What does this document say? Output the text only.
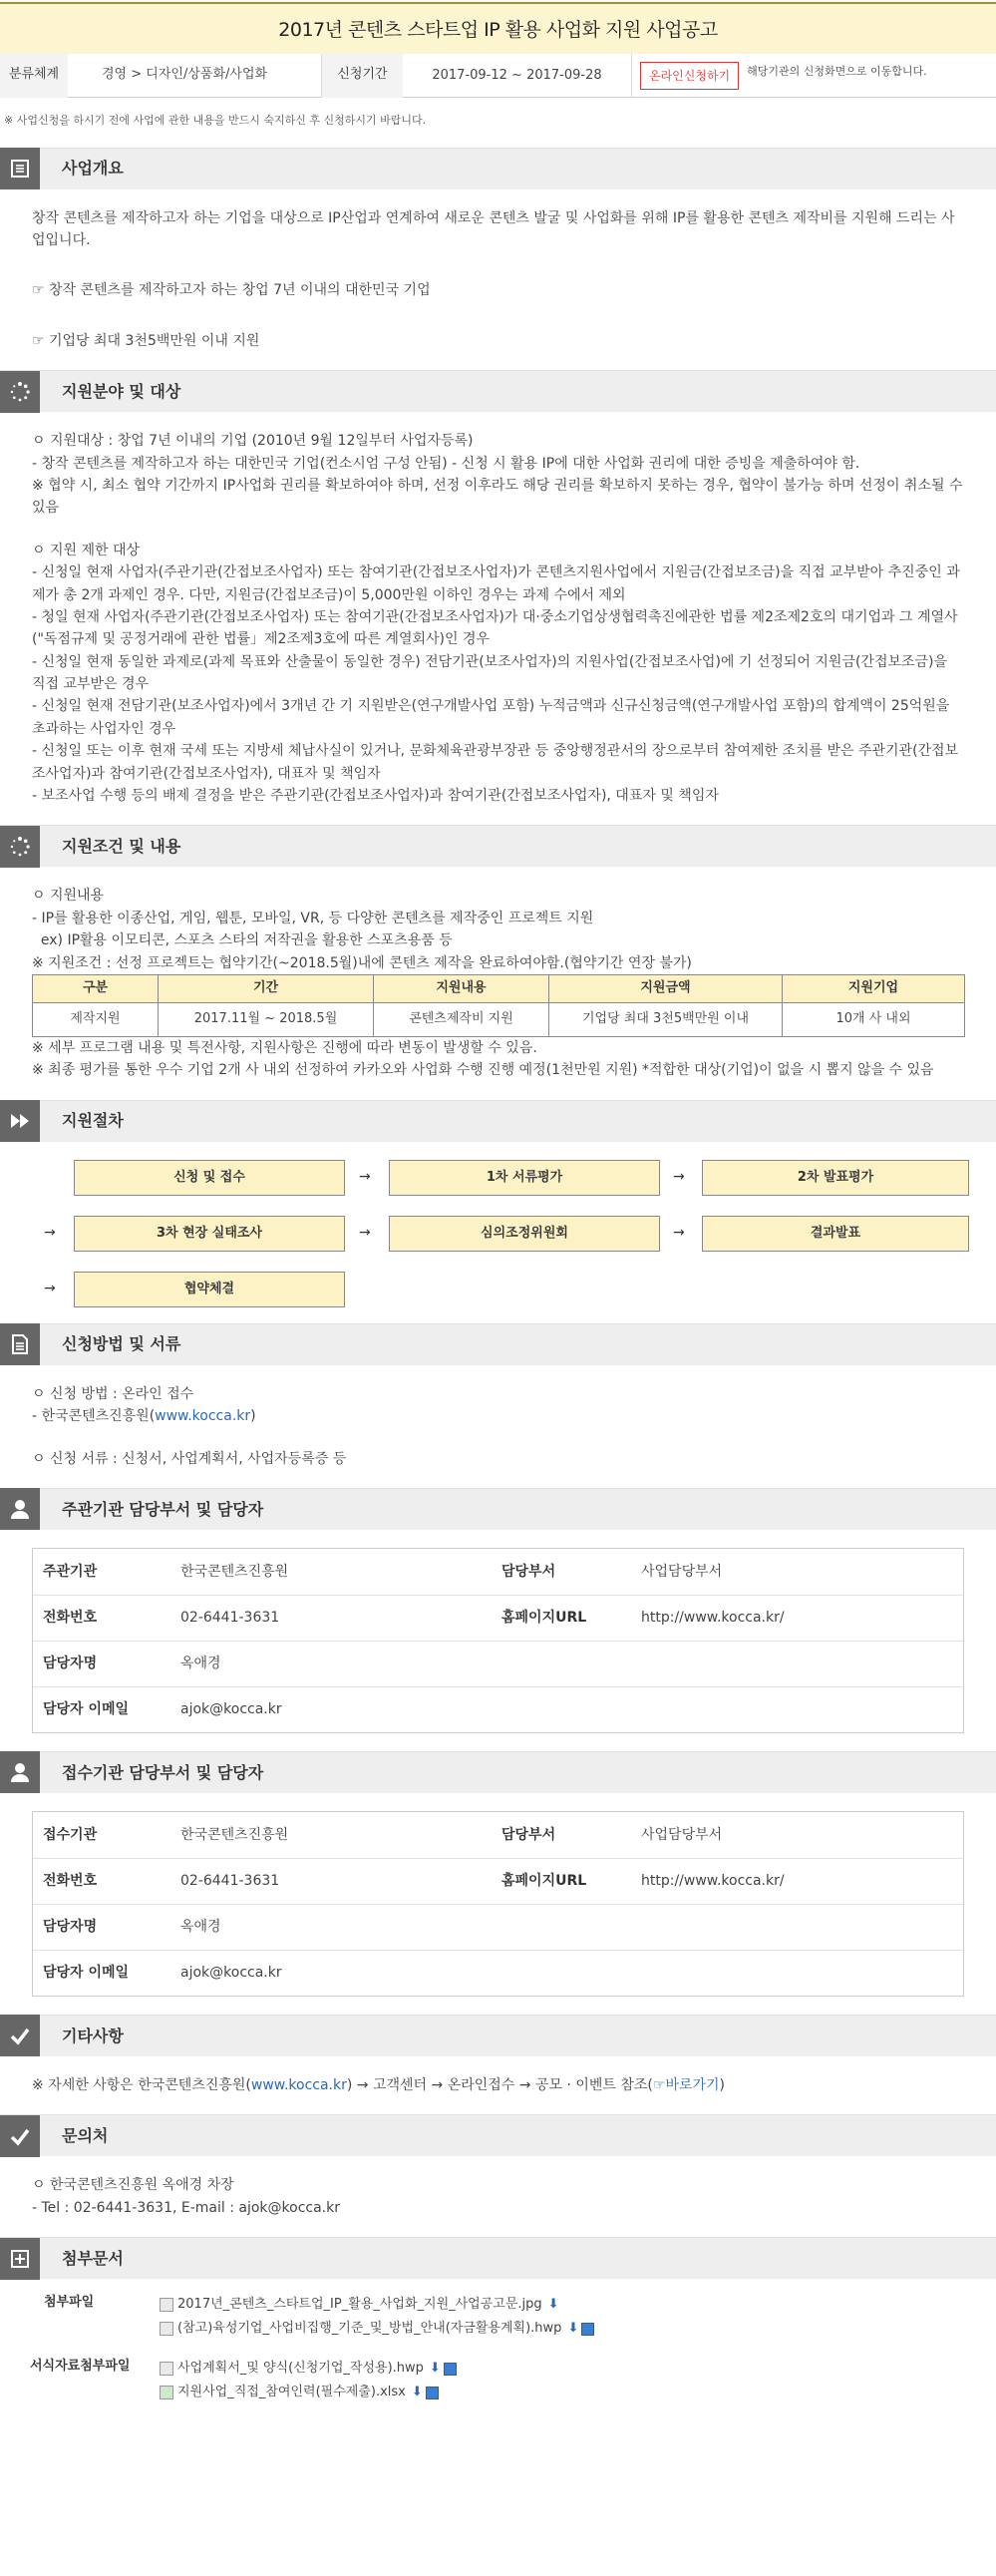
2017년 콘텐츠 스타트업 IP 활용 사업화 지원 사업공고
분류체계	경영 > 디자인/상품화/사업화	신청기간	2017-09-12 ~ 2017-09-28	온라인신청하기	해당기관의 신청화면으로 이동합니다.
※ 사업신청을 하시기 전에 사업에 관한 내용을 반드시 숙지하신 후 신청하시기 바랍니다.
사업개요

창작 콘텐츠를 제작하고자 하는 기업을 대상으로 IP산업과 연계하여 새로운 콘텐츠 발굴 및 사업화를 위해 IP를 활용한 콘텐츠 제작비를 지원해 드리는 사업입니다.

☞ 창작 콘텐츠를 제작하고자 하는 창업 7년 이내의 대한민국 기업

☞ 기업당 최대 3천5백만원 이내 지원

지원분야 및 대상

ㅇ 지원대상 : 창업 7년 이내의 기업 (2010년 9월 12일부터 사업자등록)

- 창작 콘텐츠를 제작하고자 하는 대한민국 기업(컨소시엄 구성 안됨) - 신청 시 활용 IP에 대한 사업화 권리에 대한 증빙을 제출하여야 함.

※ 협약 시, 최소 협약 기간까지 IP사업화 권리를 확보하여야 하며, 선정 이후라도 해당 권리를 확보하지 못하는 경우, 협약이 불가능 하며 선정이 취소될 수 있음

ㅇ 지원 제한 대상

- 신청일 현재 사업자(주관기관(간접보조사업자) 또는 참여기관(간접보조사업자)가 콘텐츠지원사업에서 지원금(간접보조금)을 직접 교부받아 추진중인 과제가 총 2개 과제인 경우. 다만, 지원금(간접보조금)이 5,000만원 이하인 경우는 과제 수에서 제외

- 청일 현재 사업자(주관기관(간접보조사업자) 또는 참여기관(간접보조사업자)가 대·중소기업상생협력촉진에관한 법률 제2조제2호의 대기업과 그 계열사("독점규제 및 공정거래에 관한 법률」제2조제3호에 따른 계열회사)인 경우

- 신청일 현재 동일한 과제로(과제 목표와 산출물이 동일한 경우) 전담기관(보조사업자)의 지원사업(간접보조사업)에 기 선정되어 지원금(간접보조금)을 직접 교부받은 경우

- 신청일 현재 전담기관(보조사업자)에서 3개년 간 기 지원받은(연구개발사업 포함) 누적금액과 신규신청금액(연구개발사업 포함)의 합계액이 25억원을 초과하는 사업자인 경우

- 신청일 또는 이후 현재 국세 또는 지방세 체납사실이 있거나, 문화체육관광부장관 등 중앙행정관서의 장으로부터 참여제한 조치를 받은 주관기관(간접보조사업자)과 참여기관(간접보조사업자), 대표자 및 책임자

- 보조사업 수행 등의 배제 결정을 받은 주관기관(간접보조사업자)과 참여기관(간접보조사업자), 대표자 및 책임자

지원조건 및 내용

ㅇ 지원내용

- IP를 활용한 이종산업, 게임, 웹툰, 모바일, VR, 등 다양한 콘텐츠를 제작중인 프로젝트 지원

ex) IP활용 이모티콘, 스포츠 스타의 저작권을 활용한 스포츠용품 등

※ 지원조건 : 선정 프로젝트는 협약기간(~2018.5월)내에 콘텐츠 제작을 완료하여야함.(협약기간 연장 불가)

구분	기간	지원내용	지원금액	지원기업
제작지원	2017.11월 ~ 2018.5월	콘텐츠제작비 지원	기업당 최대 3천5백만원 이내	10개 사 내외

※ 세부 프로그램 내용 및 특전사항, 지원사항은 진행에 따라 변동이 발생할 수 있음.

※ 최종 평가를 통한 우수 기업 2개 사 내외 선정하여 카카오와 사업화 수행 진행 예정(1천만원 지원) *적합한 대상(기업)이 없을 시 뽑지 않을 수 있음

지원절차
신청 및 접수	→	1차 서류평가	→	2차 발표평가
→	3차 현장 실태조사	→	심의조정위원회	→	결과발표
→	협약체결
신청방법 및 서류

ㅇ 신청 방법 : 온라인 접수

- 한국콘텐츠진흥원(www.kocca.kr)

ㅇ 신청 서류 : 신청서, 사업계획서, 사업자등록증 등

주관기관 담당부서 및 담당자
주관기관	한국콘텐츠진흥원	담당부서	사업담당부서
전화번호	02-6441-3631	홈페이지URL	http://www.kocca.kr/
담당자명	옥애경
담당자 이메일	ajok@kocca.kr
접수기관 담당부서 및 담당자
접수기관	한국콘텐츠진흥원	담당부서	사업담당부서
전화번호	02-6441-3631	홈페이지URL	http://www.kocca.kr/
담당자명	옥애경
담당자 이메일	ajok@kocca.kr
기타사항

※ 자세한 사항은 한국콘텐츠진흥원(www.kocca.kr) → 고객센터 → 온라인접수 → 공모 · 이벤트 참조(☞바로가기)

문의처

ㅇ 한국콘텐츠진흥원 옥애경 차장

- Tel : 02-6441-3631, E-mail : ajok@kocca.kr

첨부문서
첨부파일	2017년_콘텐츠_스타트업_IP_활용_사업화_지원_사업공고문.jpg ⬇
(참고)육성기업_사업비집행_기준_및_방법_안내(자금활용계획).hwp ⬇
서식자료첨부파일	사업계획서_및 양식(신청기업_작성용).hwp ⬇
지원사업_직접_참여인력(필수제출).xlsx ⬇
